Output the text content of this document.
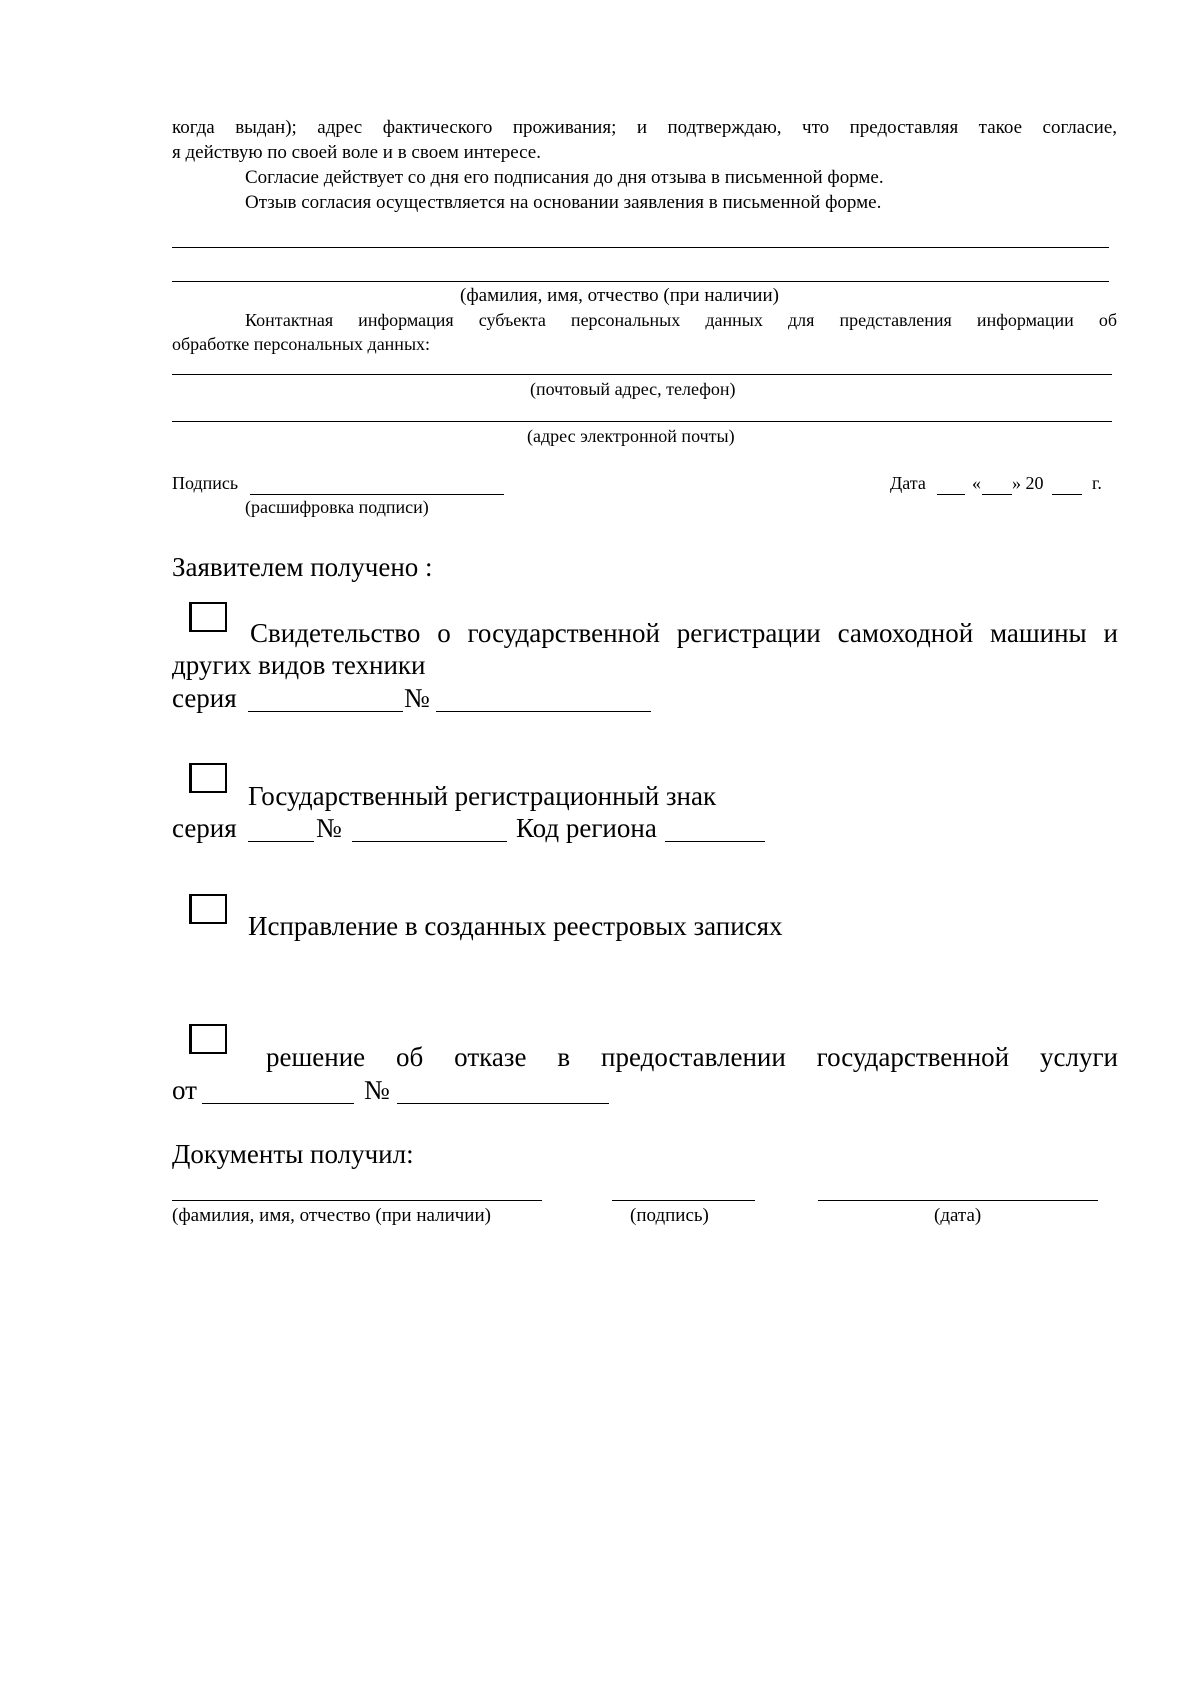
когда выдан); адрес фактического проживания; и подтверждаю, что предоставляя такое согласие,
я действую по своей воле и в своем интересе.
Согласие действует со дня его подписания до дня отзыва в письменной форме.
Отзыв согласия осуществляется на основании заявления в письменной форме.
(фамилия, имя, отчество (при наличии)
Контактная информация субъекта персональных данных для представления информации об
обработке персональных данных:
(почтовый адрес, телефон)
(адрес электронной почты)
Подпись
(расшифровка подписи)
Дата	« » 20	г.
Заявителем получено :
Свидетельство о государственной регистрации самоходной машины и
других видов техники
серия	№
Государственный регистрационный знак
серия	№	Код региона
Исправление в созданных реестровых записях
решение об отказе в предоставлении государственной услуги
от	№
Документы получил:
(фамилия, имя, отчество (при наличии)	(подпись)	(дата)
